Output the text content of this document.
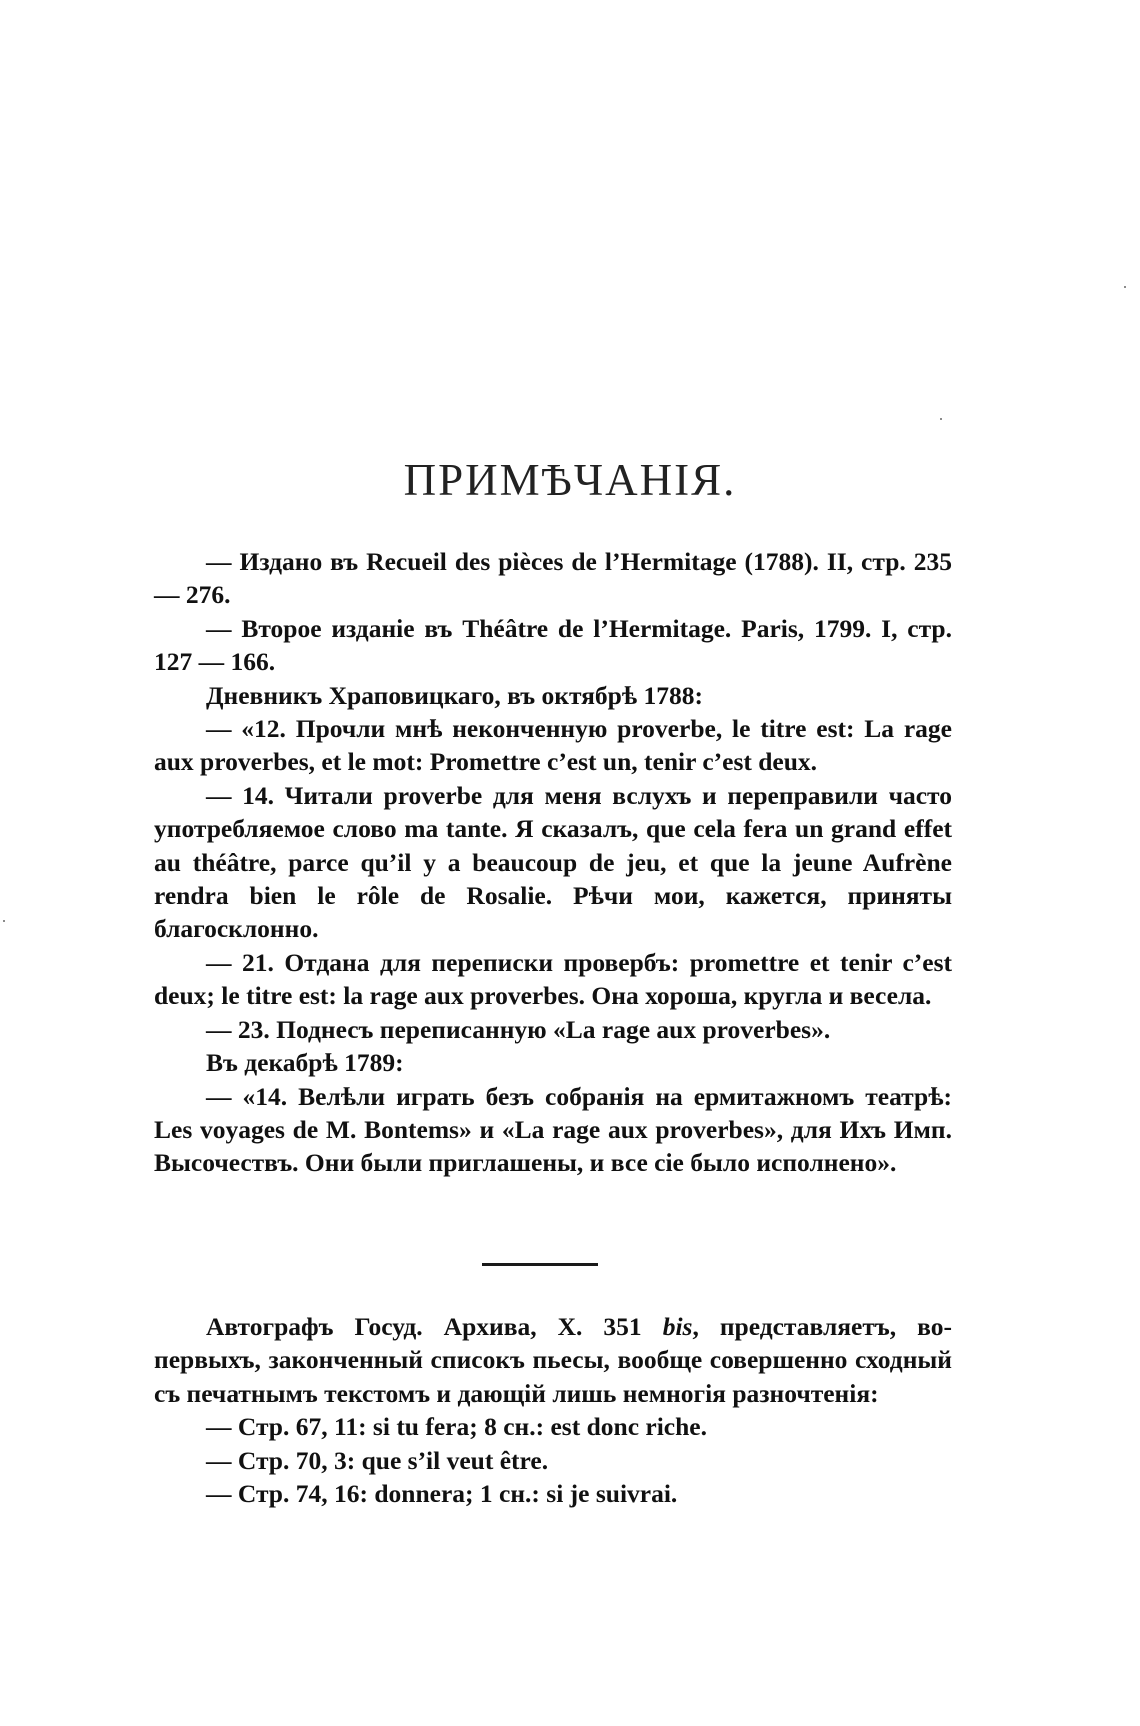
ПРИМѢЧАНІЯ.

— Издано въ Recueil des pièces de l’Hermitage (1788). II, стр. 235 — 276.

— Второе изданіе въ Théâtre de l’Hermitage. Paris, 1799. I, стр. 127 — 166.

Дневникъ Храповицкаго, въ октябрѣ 1788:

— «12. Прочли мнѣ неконченную proverbe, le titre est: La rage aux proverbes, et le mot: Promettre c’est un, tenir c’est deux.

— 14. Читали proverbe для меня вслухъ и переправили часто употребляемое слово ma tante. Я сказалъ, que cela fera un grand effet au théâtre, parce qu’il y a beaucoup de jeu, et que la jeune Aufrène rendra bien le rôle de Rosalie. Рѣчи мои, кажется, приняты благосклонно.

— 21. Отдана для переписки провербъ: promettre et tenir c’est deux; le titre est: la rage aux proverbes. Она хороша, кругла и весела.

— 23. Поднесъ переписанную «La rage aux proverbes».

Въ декабрѣ 1789:

— «14. Велѣли играть безъ собранія на ермитажномъ театрѣ: Les voyages de M. Bontems» и «La rage aux proverbes», для Ихъ Имп. Высочествъ. Они были приглашены, и все сіе было исполнено».

Автографъ Госуд. Архива, X. 351 bis, представляетъ, во-первыхъ, законченный списокъ пьесы, вообще совершенно сходный съ печатнымъ текстомъ и дающій лишь немногія разночтенія:

— Стр. 67, 11: si tu fera; 8 сн.: est donc riche.

— Стр. 70, 3: que s’il veut être.

— Стр. 74, 16: donnera; 1 сн.: si je suivrai.
